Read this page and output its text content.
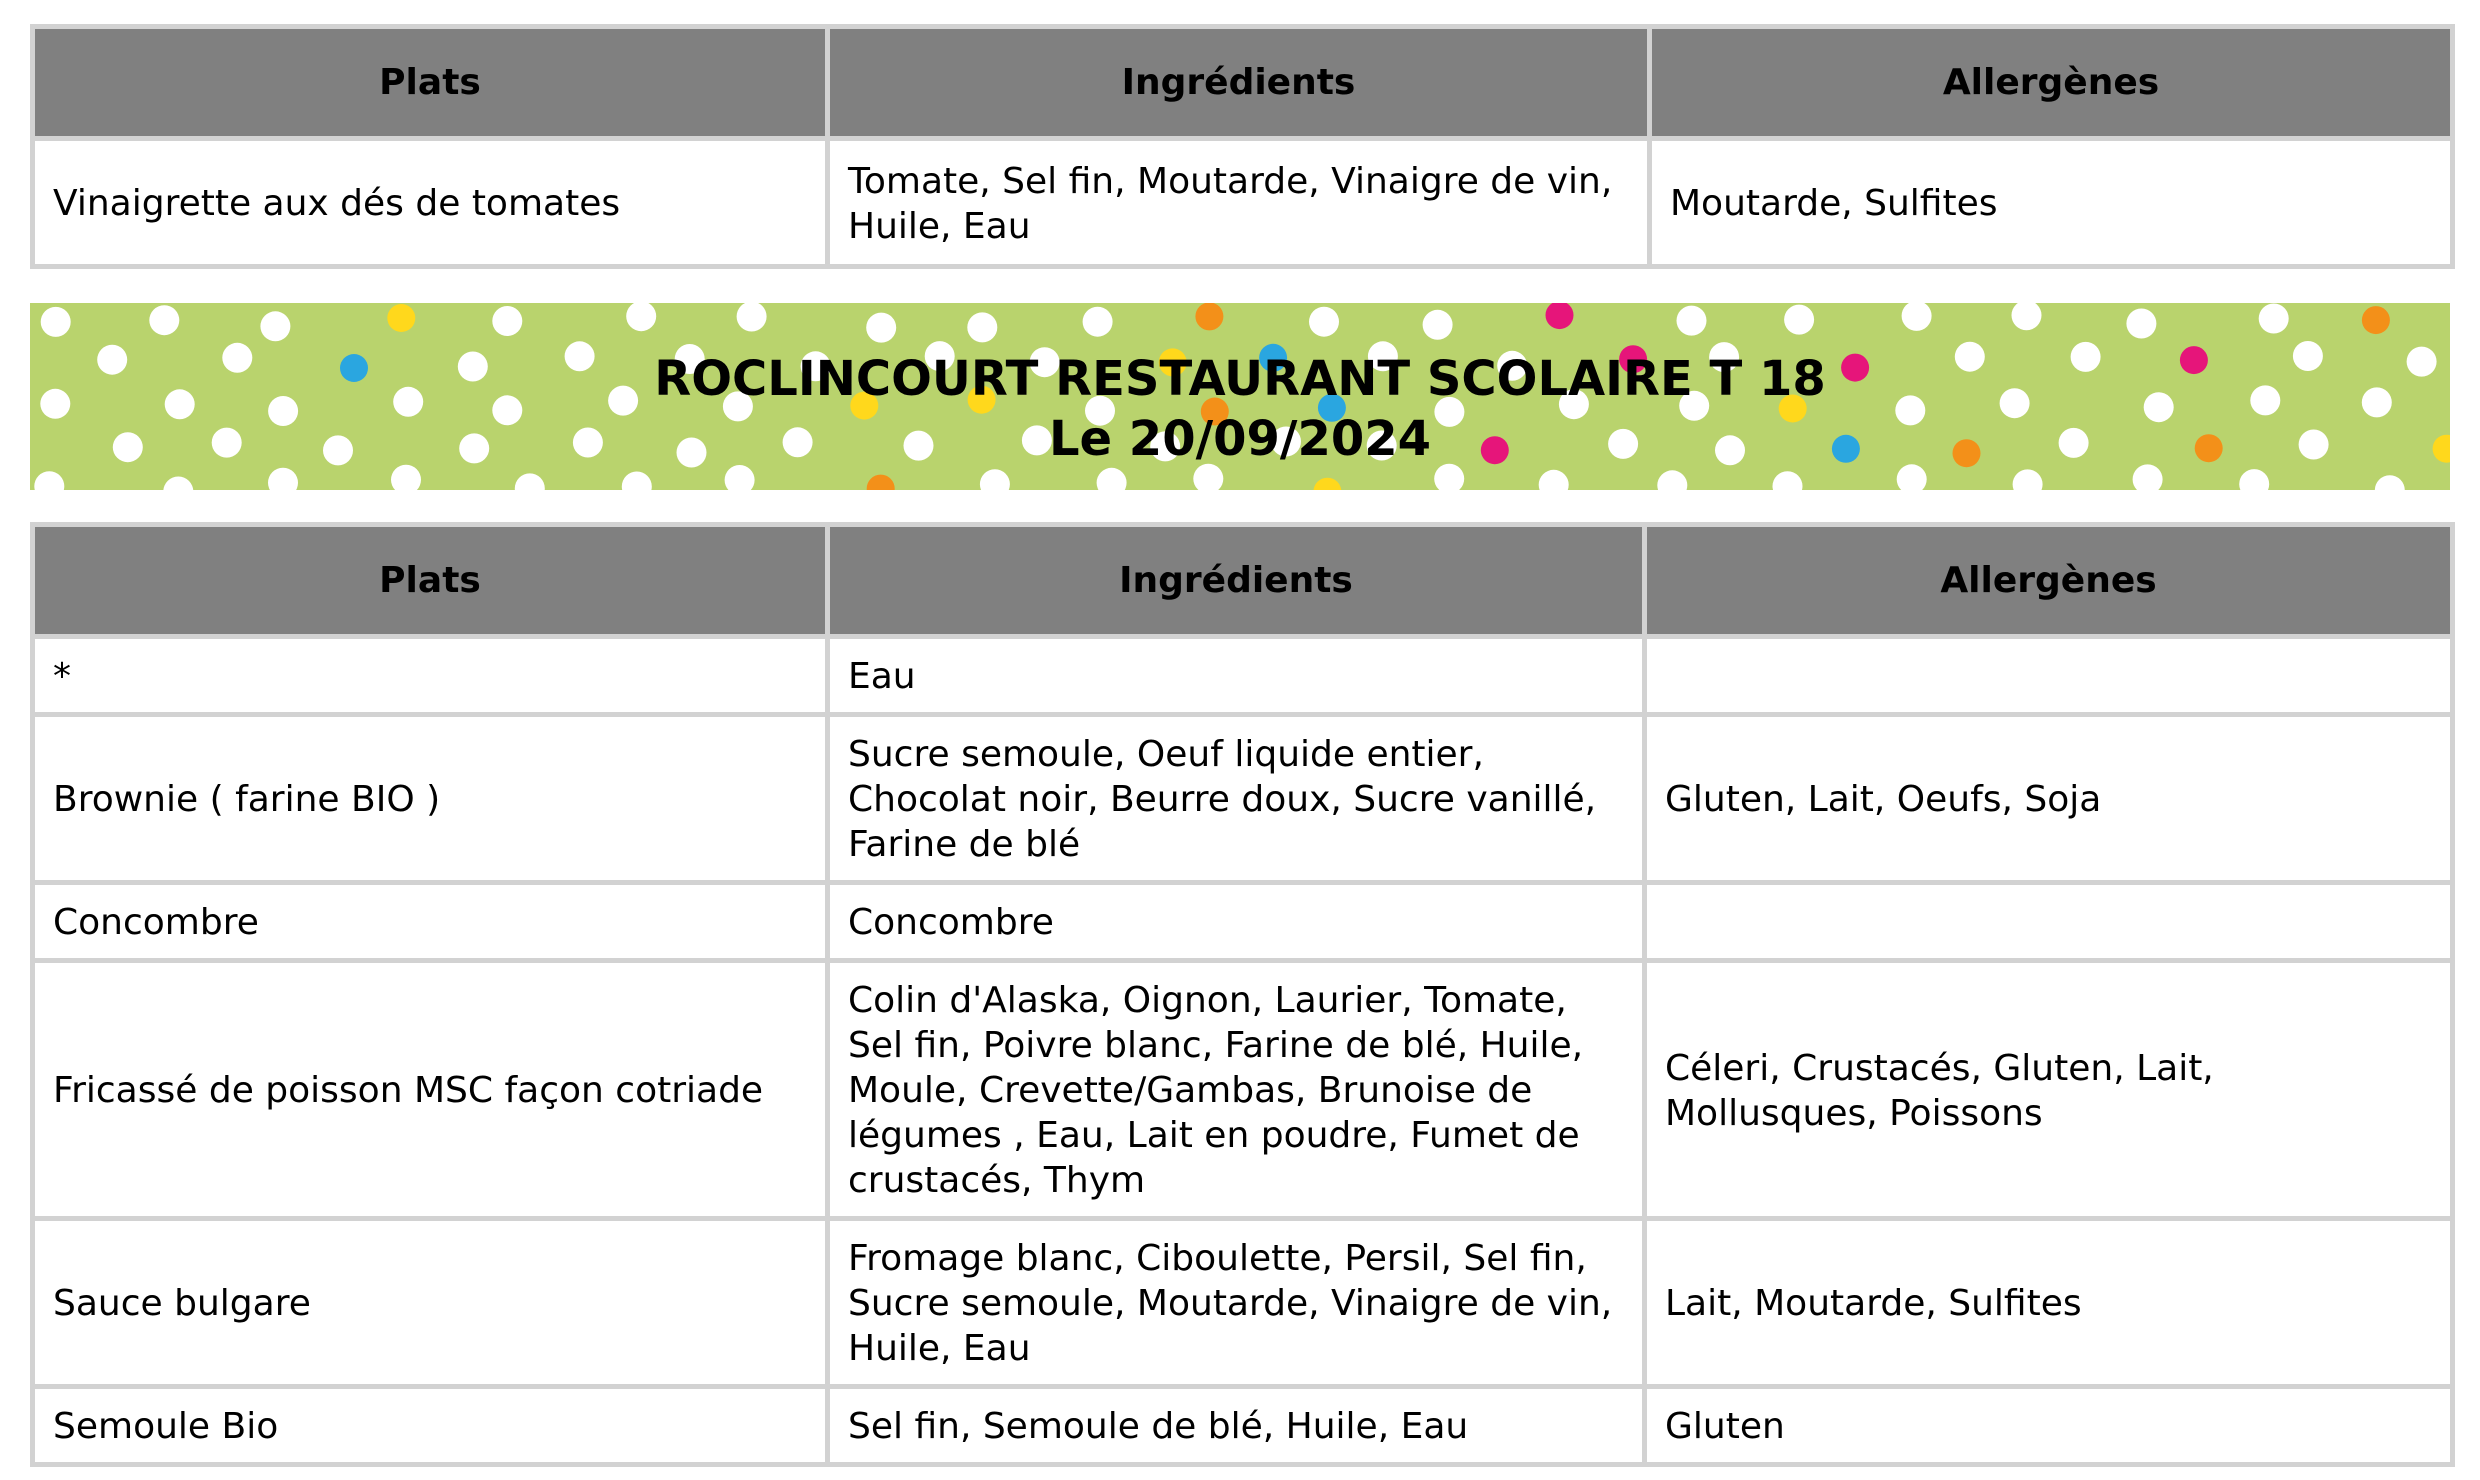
Plats	Ingrédients	Allergènes
Vinaigrette aux dés de tomates	Tomate, Sel fin, Moutarde, Vinaigre de vin, Huile, Eau	Moutarde, Sulfites
ROCLINCOURT RESTAURANT SCOLAIRE T 18
Le 20/09/2024
Plats	Ingrédients	Allergènes
*	Eau	
Brownie ( farine BIO )	Sucre semoule, Oeuf liquide entier, Chocolat noir, Beurre doux, Sucre vanillé, Farine de blé	Gluten, Lait, Oeufs, Soja
Concombre	Concombre	
Fricassé de poisson MSC façon cotriade	Colin d'Alaska, Oignon, Laurier, Tomate, Sel fin, Poivre blanc, Farine de blé, Huile, Moule, Crevette/Gambas, Brunoise de légumes , Eau, Lait en poudre, Fumet de crustacés, Thym	Céleri, Crustacés, Gluten, Lait, Mollusques, Poissons
Sauce bulgare	Fromage blanc, Ciboulette, Persil, Sel fin, Sucre semoule, Moutarde, Vinaigre de vin, Huile, Eau	Lait, Moutarde, Sulfites
Semoule Bio	Sel fin, Semoule de blé, Huile, Eau	Gluten
